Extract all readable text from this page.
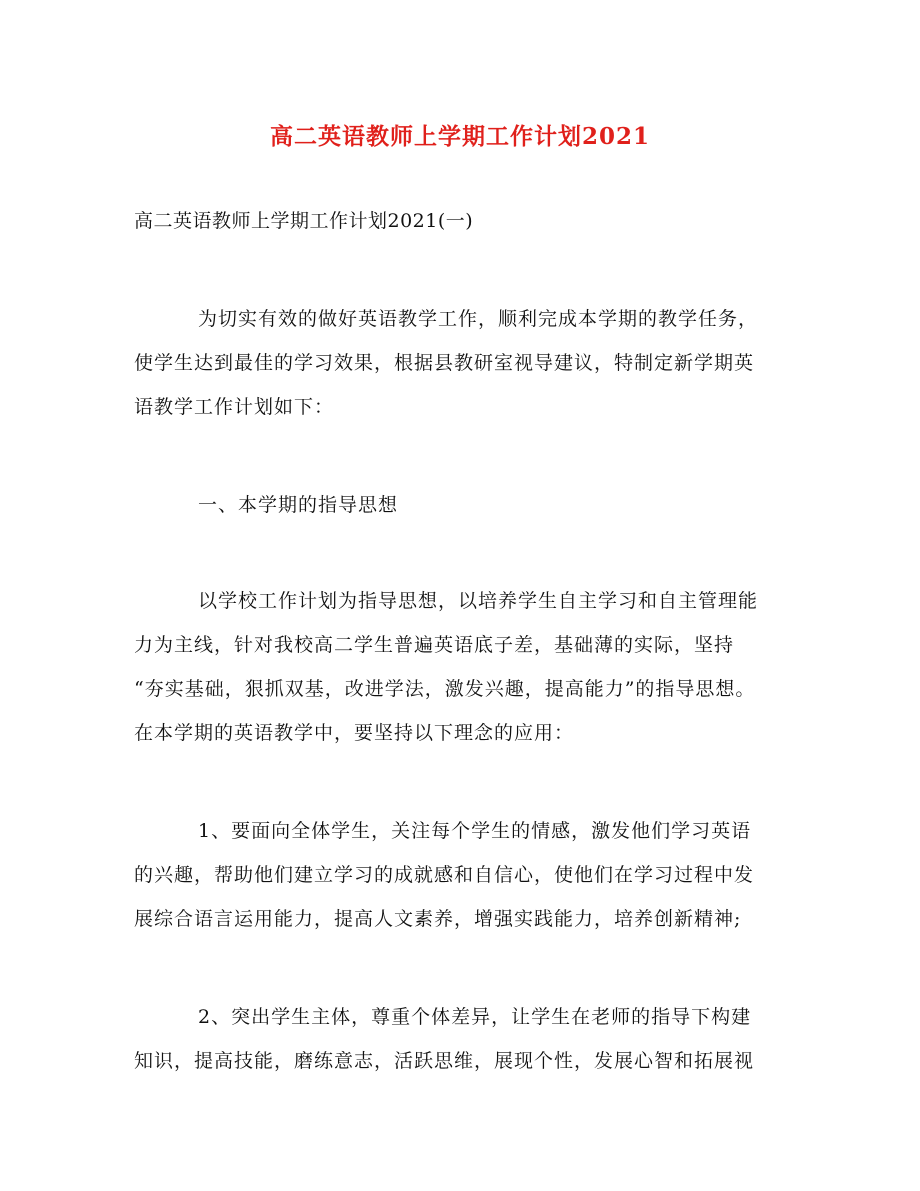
高二英语教师上学期工作计划2021
高二英语教师上学期工作计划2021(一)
为切实有效的做好英语教学工作，顺利完成本学期的教学任务，
使学生达到最佳的学习效果，根据县教研室视导建议，特制定新学期英
语教学工作计划如下：
一、本学期的指导思想
以学校工作计划为指导思想，以培养学生自主学习和自主管理能
力为主线，针对我校高二学生普遍英语底子差，基础薄的实际，坚持
“夯实基础，狠抓双基，改进学法，激发兴趣，提高能力”的指导思想。
在本学期的英语教学中，要坚持以下理念的应用：
1、要面向全体学生，关注每个学生的情感，激发他们学习英语
的兴趣，帮助他们建立学习的成就感和自信心，使他们在学习过程中发
展综合语言运用能力，提高人文素养，增强实践能力，培养创新精神;
2、突出学生主体，尊重个体差异，让学生在老师的指导下构建
知识，提高技能，磨练意志，活跃思维，展现个性，发展心智和拓展视
